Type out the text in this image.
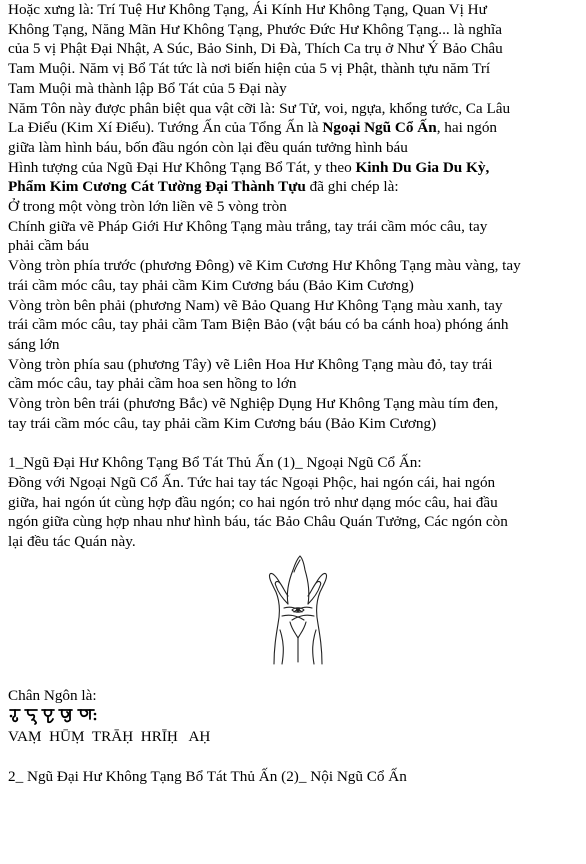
Hoặc xưng là: Trí Tuệ Hư Không Tạng, Ái Kính Hư Không Tạng, Quan Vị Hư
Không Tạng, Năng Mãn Hư Không Tạng, Phước Đức Hư Không Tạng... là nghĩa
của 5 vị Phật Đại Nhật, A Súc, Bảo Sinh, Di Đà, Thích Ca trụ ở Như Ý Bảo Châu
Tam Muội. Năm vị Bổ Tát tức là nơi biến hiện của 5 vị Phật, thành tựu năm Trí
Tam Muội mà thành lập Bổ Tát của 5 Đại này
Năm Tôn này được phân biệt qua vật cỡi là: Sư Tử, voi, ngựa, khổng tước, Ca Lâu
La Điểu (Kim Xí Điểu). Tướng Ấn của Tổng Ấn là Ngoại Ngũ Cổ Ấn, hai ngón
giữa làm hình báu, bốn đầu ngón còn lại đều quán tưởng hình báu
Hình tượng của Ngũ Đại Hư Không Tạng Bổ Tát, y theo Kinh Du Gia Du Kỳ,
Phẩm Kim Cương Cát Tường Đại Thành Tựu đã ghi chép là:
Ở trong một vòng tròn lớn liền vẽ 5 vòng tròn
Chính giữa vẽ Pháp Giới Hư Không Tạng màu trắng, tay trái cầm móc câu, tay
phải cầm báu
Vòng tròn phía trước (phương Đông) vẽ Kim Cương Hư Không Tạng màu vàng, tay
trái cầm móc câu, tay phải cầm Kim Cương báu (Bảo Kim Cương)
Vòng tròn bên phải (phương Nam) vẽ Bảo Quang Hư Không Tạng màu xanh, tay
trái cầm móc câu, tay phải cầm Tam Biện Bảo (vật báu có ba cánh hoa) phóng ánh
sáng lớn
Vòng tròn phía sau (phương Tây) vẽ Liên Hoa Hư Không Tạng màu đỏ, tay trái
cầm móc câu, tay phải cầm hoa sen hồng to lớn
Vòng tròn bên trái (phương Bắc) vẽ Nghiệp Dụng Hư Không Tạng màu tím đen,
tay trái cầm móc câu, tay phải cầm Kim Cương báu (Bảo Kim Cương)
1_Ngũ Đại Hư Không Tạng Bổ Tát Thủ Ấn (1)_ Ngoại Ngũ Cổ Ấn:
Đồng với Ngoại Ngũ Cổ Ấn. Tức hai tay tác Ngoại Phộc, hai ngón cái, hai ngón
giữa, hai ngón út cùng hợp đầu ngón; co hai ngón trỏ như dạng móc câu, hai đầu
ngón giữa cùng hợp nhau như hình báu, tác Bảo Châu Quán Tưởng, Các ngón còn
lại đều tác Quán này.
Chân Ngôn là:
VAṂ  HŪṂ  TRĀḤ  HRĪḤ   AḤ
2_ Ngũ Đại Hư Không Tạng Bổ Tát Thủ Ấn (2)_ Nội Ngũ Cổ Ấn
